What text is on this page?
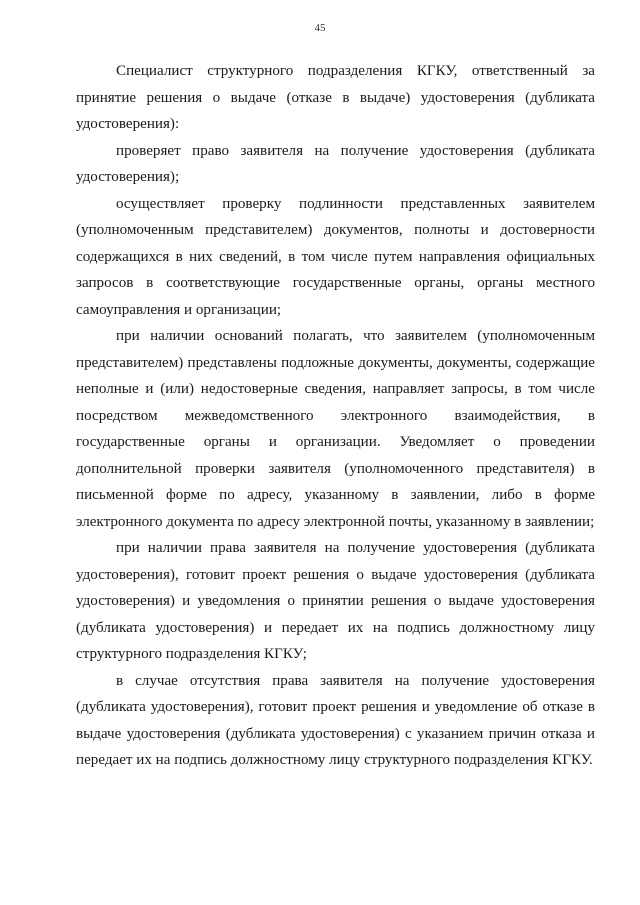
45

Специалист структурного подразделения КГКУ, ответственный за принятие решения о выдаче (отказе в выдаче) удостоверения (дубликата удостоверения):

проверяет право заявителя на получение удостоверения (дубликата удостоверения);

осуществляет проверку подлинности представленных заявителем (уполномоченным представителем) документов, полноты и достоверности содержащихся в них сведений, в том числе путем направления официальных запросов в соответствующие государственные органы, органы местного самоуправления и организации;

при наличии оснований полагать, что заявителем (уполномоченным представителем) представлены подложные документы, документы, содержащие неполные и (или) недостоверные сведения, направляет запросы, в том числе посредством межведомственного электронного взаимодействия, в государственные органы и организации. Уведомляет о проведении дополнительной проверки заявителя (уполномоченного представителя) в письменной форме по адресу, указанному в заявлении, либо в форме электронного документа по адресу электронной почты, указанному в заявлении;

при наличии права заявителя на получение удостоверения (дубликата удостоверения), готовит проект решения о выдаче удостоверения (дубликата удостоверения) и уведомления о принятии решения о выдаче удостоверения (дубликата удостоверения) и передает их на подпись должностному лицу структурного подразделения КГКУ;

в случае отсутствия права заявителя на получение удостоверения (дубликата удостоверения), готовит проект решения и уведомление об отказе в выдаче удостоверения (дубликата удостоверения) с указанием причин отказа и передает их на подпись должностному лицу структурного подразделения КГКУ.
